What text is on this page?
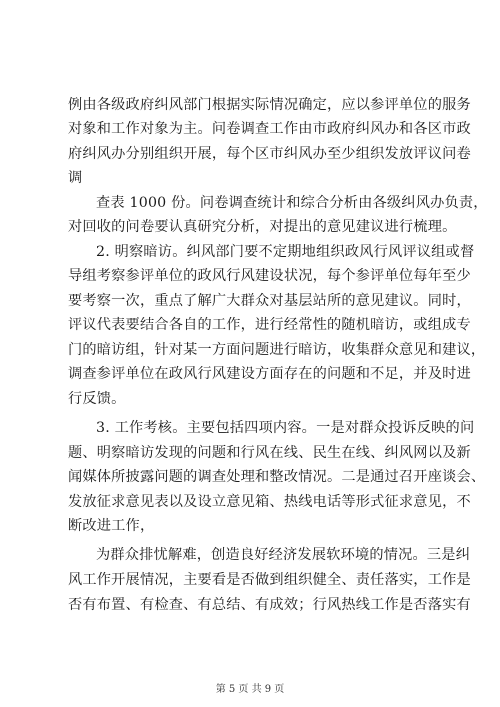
例由各级政府纠风部门根据实际情况确定，应以参评单位的服务
对象和工作对象为主。问卷调查工作由市政府纠风办和各区市政
府纠风办分别组织开展，每个区市纠风办至少组织发放评议问卷
调
查表 1000 份。问卷调查统计和综合分析由各级纠风办负责，
对回收的问卷要认真研究分析，对提出的意见建议进行梳理。
2. 明察暗访。纠风部门要不定期地组织政风行风评议组或督
导组考察参评单位的政风行风建设状况，每个参评单位每年至少
要考察一次，重点了解广大群众对基层站所的意见建议。同时，
评议代表要结合各自的工作，进行经常性的随机暗访，或组成专
门的暗访组，针对某一方面问题进行暗访，收集群众意见和建议，
调查参评单位在政风行风建设方面存在的问题和不足，并及时进
行反馈。
3. 工作考核。主要包括四项内容。一是对群众投诉反映的问
题、明察暗访发现的问题和行风在线、民生在线、纠风网以及新
闻媒体所披露问题的调查处理和整改情况。二是通过召开座谈会、
发放征求意见表以及设立意见箱、热线电话等形式征求意见，不
断改进工作，
为群众排忧解难，创造良好经济发展软环境的情况。三是纠
风工作开展情况，主要看是否做到组织健全、责任落实，工作是
否有布置、有检查、有总结、有成效；行风热线工作是否落实有
第 5 页 共 9 页
